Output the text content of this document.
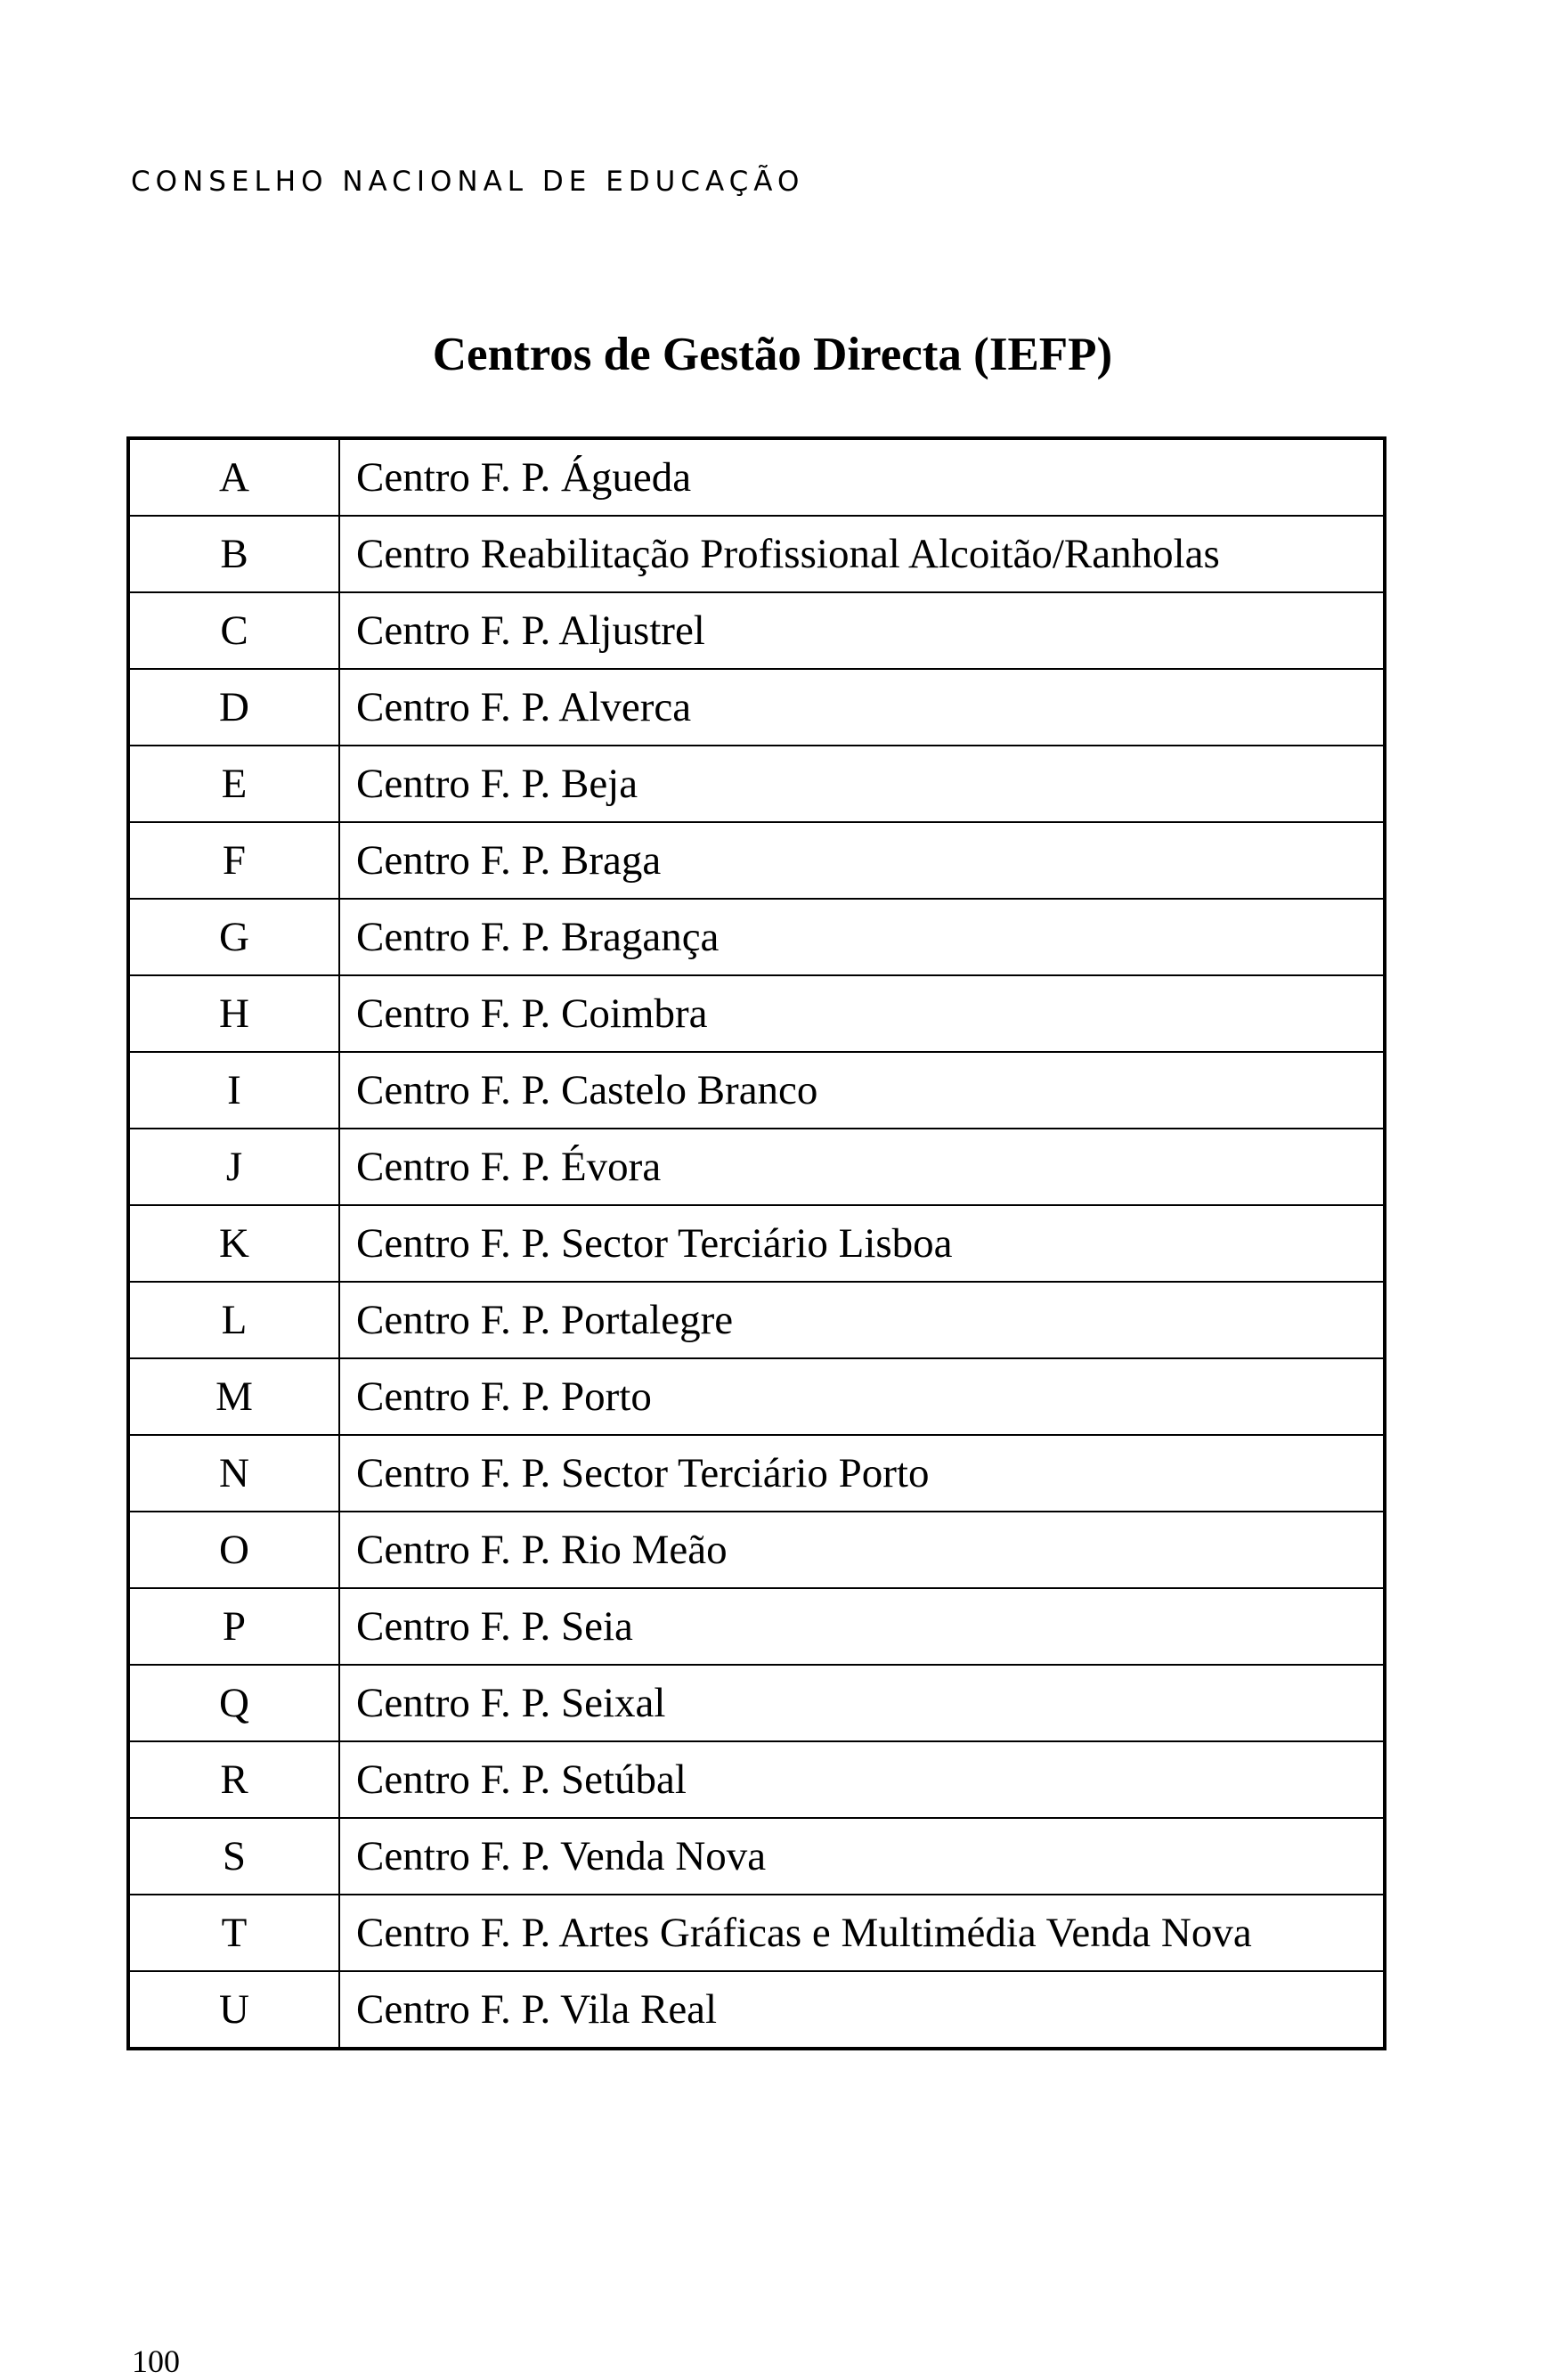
CONSELHO NACIONAL DE EDUCAÇÃO
Centros de Gestão Directa (IEFP)
A	Centro F. P. Águeda
B	Centro Reabilitação Profissional Alcoitão/Ranholas
C	Centro F. P. Aljustrel
D	Centro F. P. Alverca
E	Centro F. P. Beja
F	Centro F. P. Braga
G	Centro F. P. Bragança
H	Centro F. P. Coimbra
I	Centro F. P. Castelo Branco
J	Centro F. P. Évora
K	Centro F. P. Sector Terciário Lisboa
L	Centro F. P. Portalegre
M	Centro F. P. Porto
N	Centro F. P. Sector Terciário Porto
O	Centro F. P. Rio Meão
P	Centro F. P. Seia
Q	Centro F. P. Seixal
R	Centro F. P. Setúbal
S	Centro F. P. Venda Nova
T	Centro F. P. Artes Gráficas e Multimédia Venda Nova
U	Centro F. P. Vila Real
100
